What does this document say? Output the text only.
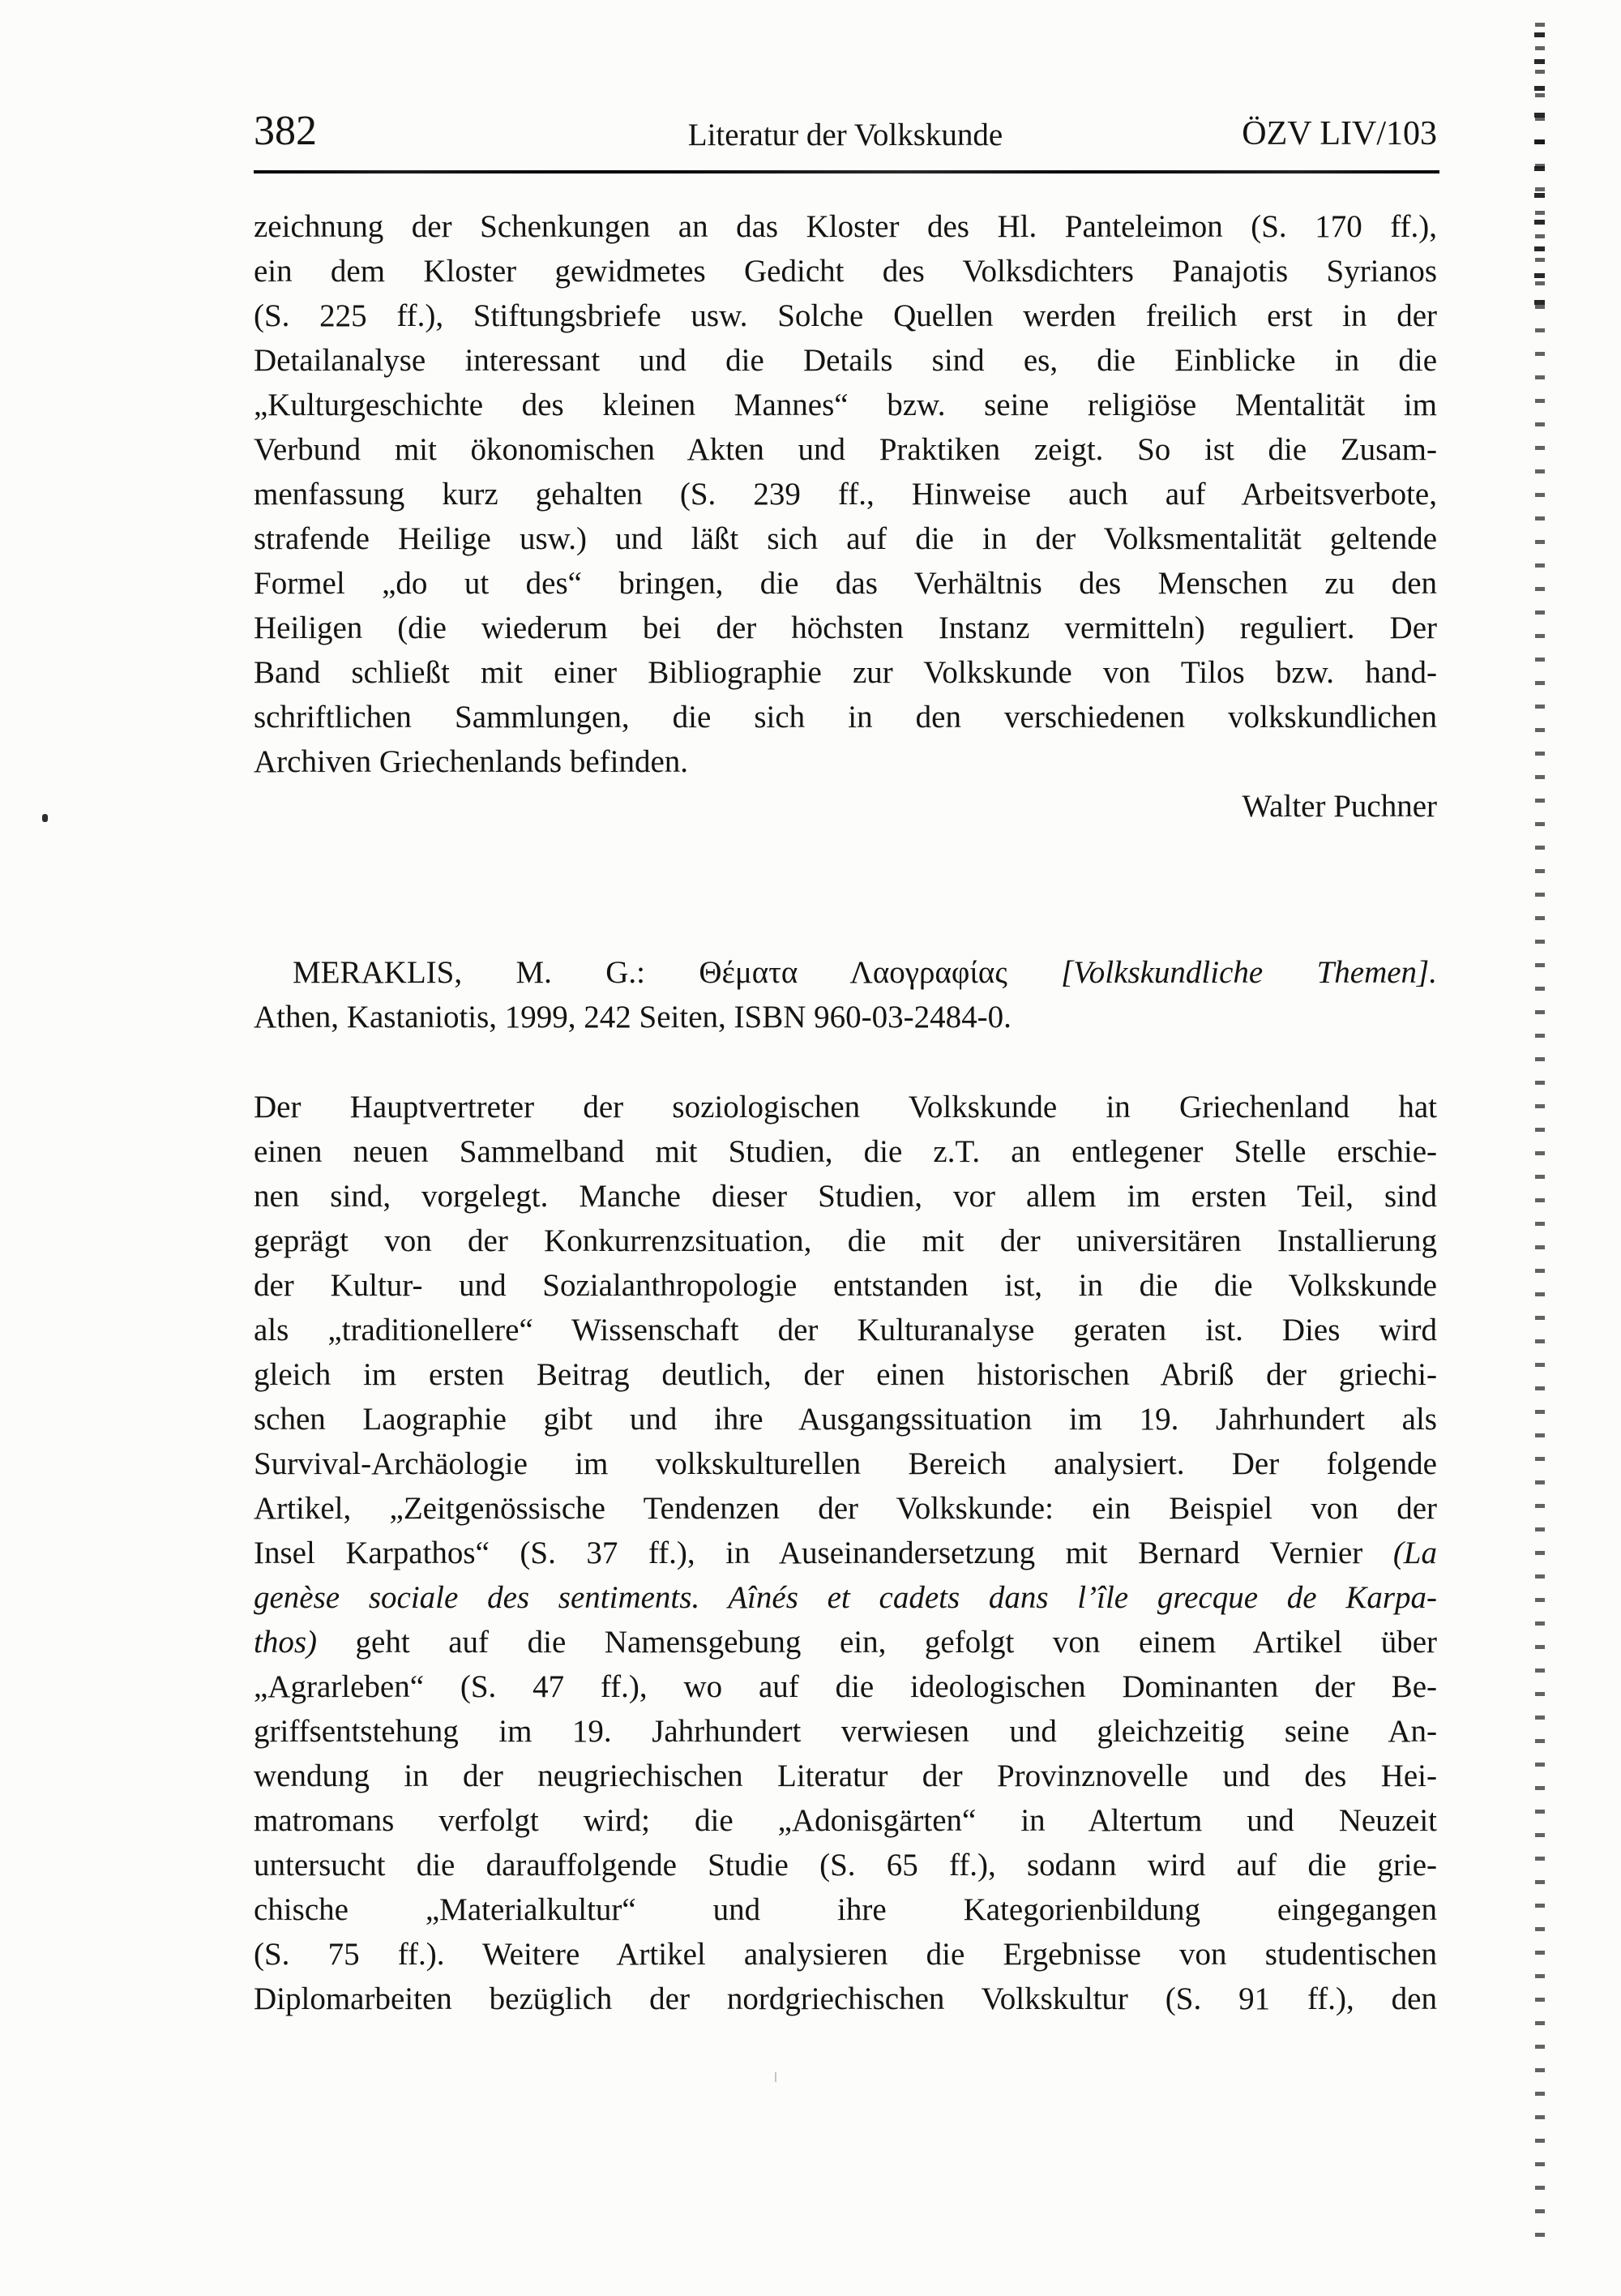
382	Literatur der Volkskunde	ÖZV LIV/103
zeichnung der Schenkungen an das Kloster des Hl. Panteleimon (S. 170 ff.),
ein dem Kloster gewidmetes Gedicht des Volksdichters Panajotis Syrianos
(S. 225 ff.), Stiftungsbriefe usw. Solche Quellen werden freilich erst in der
Detailanalyse interessant und die Details sind es, die Einblicke in die
„Kulturgeschichte des kleinen Mannes“ bzw. seine religiöse Mentalität im
Verbund mit ökonomischen Akten und Praktiken zeigt. So ist die Zusam-
menfassung kurz gehalten (S. 239 ff., Hinweise auch auf Arbeitsverbote,
strafende Heilige usw.) und läßt sich auf die in der Volksmentalität geltende
Formel „do ut des“ bringen, die das Verhältnis des Menschen zu den
Heiligen (die wiederum bei der höchsten Instanz vermitteln) reguliert. Der
Band schließt mit einer Bibliographie zur Volkskunde von Tilos bzw. hand-
schriftlichen Sammlungen, die sich in den verschiedenen volkskundlichen
Archiven Griechenlands befinden.
Walter Puchner
MERAKLIS, M. G.: Θέματα Λαογραφίας [Volkskundliche Themen].
Athen, Kastaniotis, 1999, 242 Seiten, ISBN 960-03-2484-0.
Der Hauptvertreter der soziologischen Volkskunde in Griechenland hat
einen neuen Sammelband mit Studien, die z.T. an entlegener Stelle erschie-
nen sind, vorgelegt. Manche dieser Studien, vor allem im ersten Teil, sind
geprägt von der Konkurrenzsituation, die mit der universitären Installierung
der Kultur- und Sozialanthropologie entstanden ist, in die die Volkskunde
als „traditionellere“ Wissenschaft der Kulturanalyse geraten ist. Dies wird
gleich im ersten Beitrag deutlich, der einen historischen Abriß der griechi-
schen Laographie gibt und ihre Ausgangssituation im 19. Jahrhundert als
Survival-Archäologie im volkskulturellen Bereich analysiert. Der folgende
Artikel, „Zeitgenössische Tendenzen der Volkskunde: ein Beispiel von der
Insel Karpathos“ (S. 37 ff.), in Auseinandersetzung mit Bernard Vernier (La
genèse sociale des sentiments. Aînés et cadets dans l’île grecque de Karpa-
thos) geht auf die Namensgebung ein, gefolgt von einem Artikel über
„Agrarleben“ (S. 47 ff.), wo auf die ideologischen Dominanten der Be-
griffsentstehung im 19. Jahrhundert verwiesen und gleichzeitig seine An-
wendung in der neugriechischen Literatur der Provinznovelle und des Hei-
matromans verfolgt wird; die „Adonisgärten“ in Altertum und Neuzeit
untersucht die darauffolgende Studie (S. 65 ff.), sodann wird auf die grie-
chische „Materialkultur“ und ihre Kategorienbildung eingegangen
(S. 75 ff.). Weitere Artikel analysieren die Ergebnisse von studentischen
Diplomarbeiten bezüglich der nordgriechischen Volkskultur (S. 91 ff.), den
